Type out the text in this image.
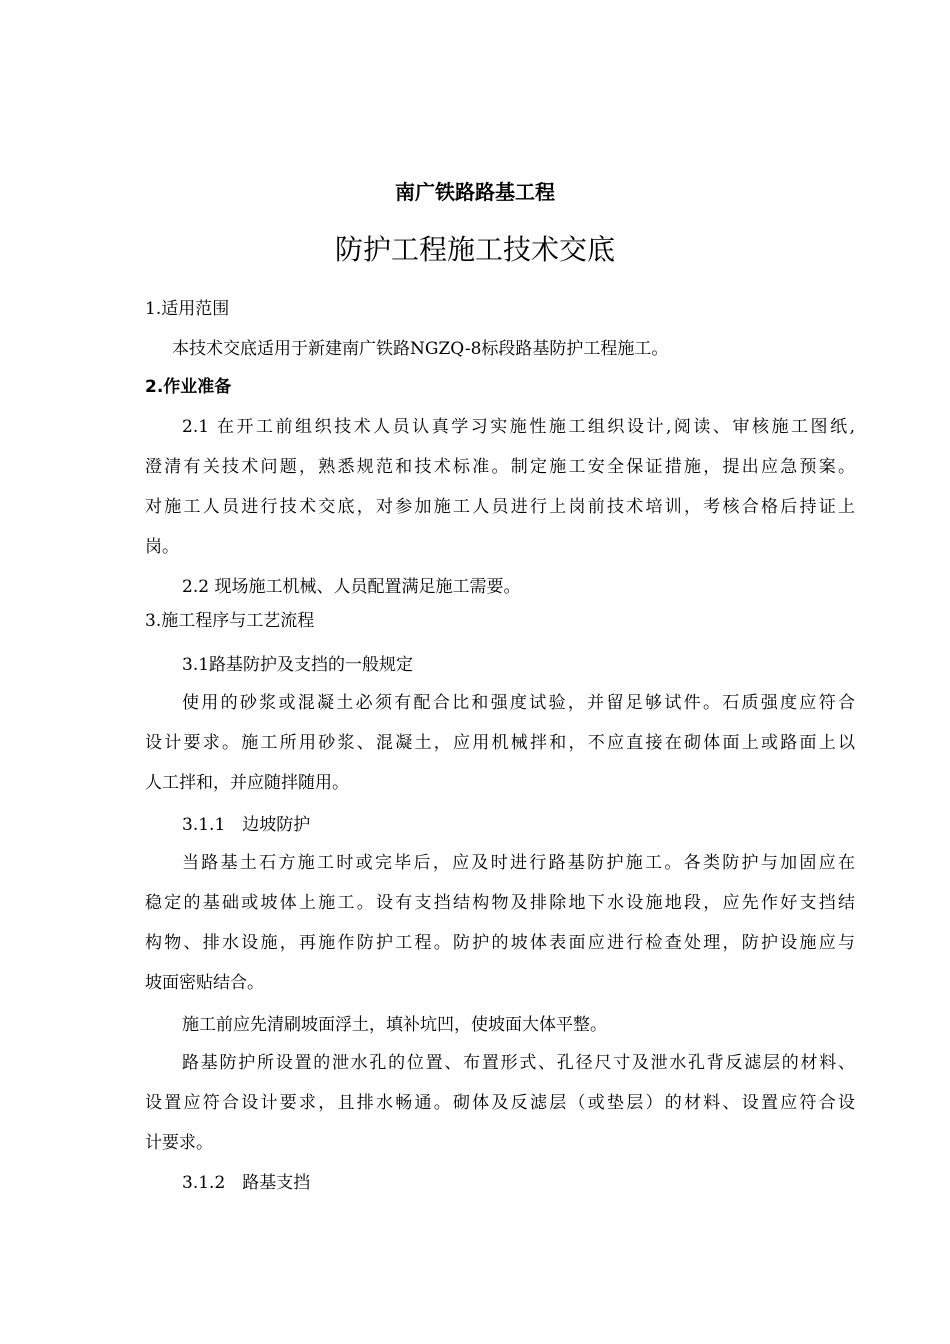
南广铁路路基工程
防护工程施工技术交底
1.适用范围
本技术交底适用于新建南广铁路NGZQ-8标段路基防护工程施工。
2.作业准备
2.1 在开工前组织技术人员认真学习实施性施工组织设计,阅读、审核施工图纸,
澄清有关技术问题，熟悉规范和技术标准。制定施工安全保证措施，提出应急预案。
对施工人员进行技术交底，对参加施工人员进行上岗前技术培训，考核合格后持证上
岗。
2.2 现场施工机械、人员配置满足施工需要。
3.施工程序与工艺流程
3.1路基防护及支挡的一般规定
使用的砂浆或混凝土必须有配合比和强度试验，并留足够试件。石质强度应符合
设计要求。施工所用砂浆、混凝土，应用机械拌和，不应直接在砌体面上或路面上以
人工拌和，并应随拌随用。
3.1.1　边坡防护
当路基土石方施工时或完毕后，应及时进行路基防护施工。各类防护与加固应在
稳定的基础或坡体上施工。设有支挡结构物及排除地下水设施地段，应先作好支挡结
构物、排水设施，再施作防护工程。防护的坡体表面应进行检查处理，防护设施应与
坡面密贴结合。
施工前应先清刷坡面浮土，填补坑凹，使坡面大体平整。
路基防护所设置的泄水孔的位置、布置形式、孔径尺寸及泄水孔背反滤层的材料、
设置应符合设计要求，且排水畅通。砌体及反滤层（或垫层）的材料、设置应符合设
计要求。
3.1.2　路基支挡
